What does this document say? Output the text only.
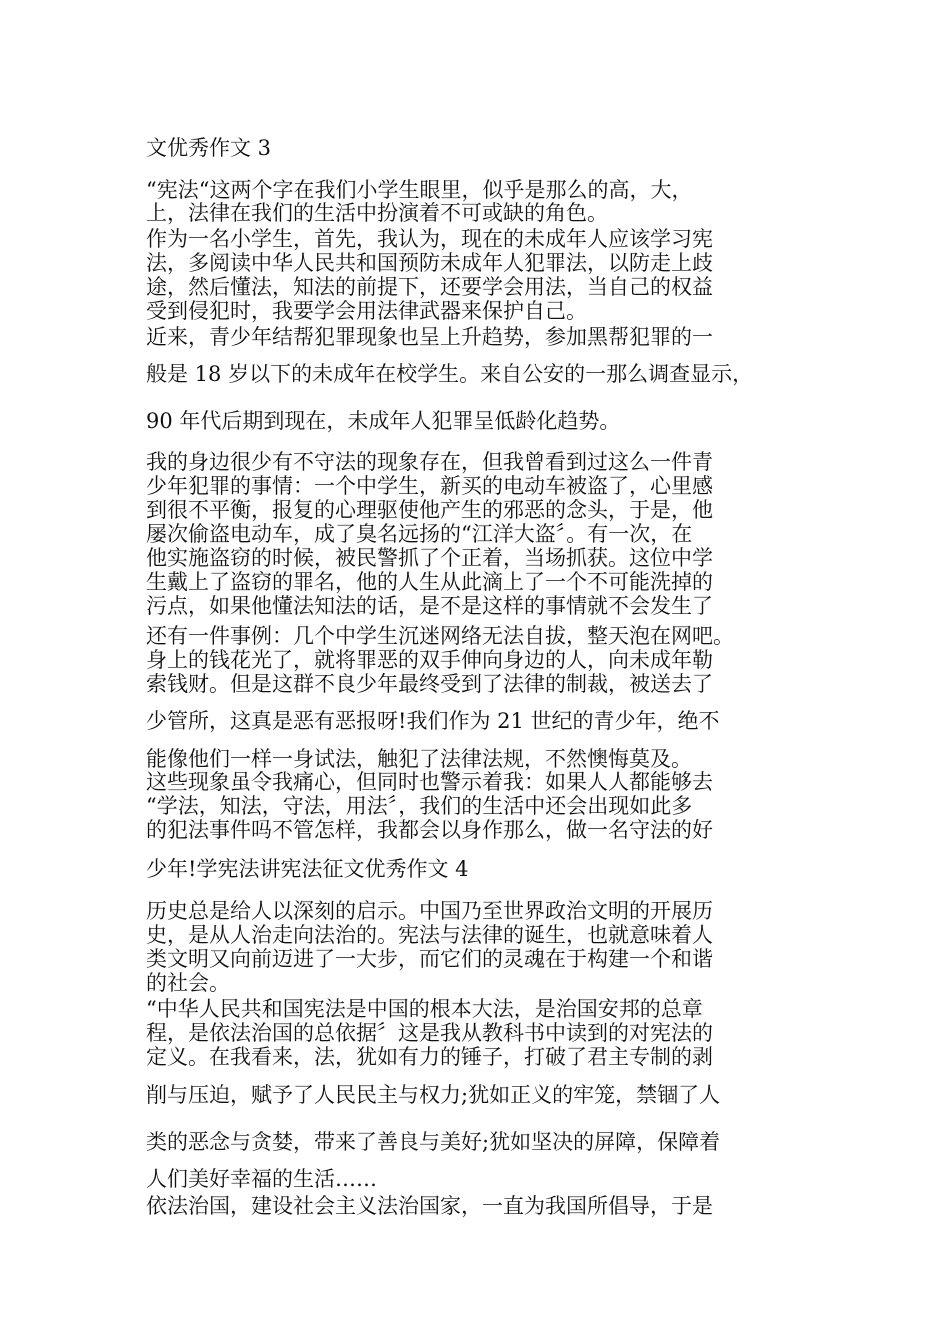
文优秀作文 3

“宪法“这两个字在我们小学生眼里，似乎是那么的高，大，

上，法律在我们的生活中扮演着不可或缺的角色。

作为一名小学生，首先，我认为，现在的未成年人应该学习宪

法，多阅读中华人民共和国预防未成年人犯罪法，以防走上歧

途，然后懂法，知法的前提下，还要学会用法，当自己的权益

受到侵犯时，我要学会用法律武器来保护自己。

近来，青少年结帮犯罪现象也呈上升趋势，参加黑帮犯罪的一

般是 18 岁以下的未成年在校学生。来自公安的一那么调查显示，

90 年代后期到现在，未成年人犯罪呈低龄化趋势。

我的身边很少有不守法的现象存在，但我曾看到过这么一件青

少年犯罪的事情：一个中学生，新买的电动车被盗了，心里感

到很不平衡，报复的心理驱使他产生的邪恶的念头，于是，他

屡次偷盗电动车，成了臭名远扬的“江洋大盗〞。有一次，在

他实施盗窃的时候，被民警抓了个正着，当场抓获。这位中学

生戴上了盗窃的罪名，他的人生从此滴上了一个不可能洗掉的

污点，如果他懂法知法的话，是不是这样的事情就不会发生了

还有一件事例：几个中学生沉迷网络无法自拔，整天泡在网吧。

身上的钱花光了，就将罪恶的双手伸向身边的人，向未成年勒

索钱财。但是这群不良少年最终受到了法律的制裁，被送去了

少管所，这真是恶有恶报呀!我们作为 21 世纪的青少年，绝不

能像他们一样一身试法，触犯了法律法规，不然懊悔莫及。

这些现象虽令我痛心，但同时也警示着我：如果人人都能够去

“学法，知法，守法，用法〞，我们的生活中还会出现如此多

的犯法事件吗不管怎样，我都会以身作那么，做一名守法的好

少年!学宪法讲宪法征文优秀作文 4

历史总是给人以深刻的启示。中国乃至世界政治文明的开展历

史，是从人治走向法治的。宪法与法律的诞生，也就意味着人

类文明又向前迈进了一大步，而它们的灵魂在于构建一个和谐

的社会。

“中华人民共和国宪法是中国的根本大法，是治国安邦的总章

程，是依法治国的总依据〞这是我从教科书中读到的对宪法的

定义。在我看来，法，犹如有力的锤子，打破了君主专制的剥

削与压迫，赋予了人民民主与权力;犹如正义的牢笼，禁锢了人

类的恶念与贪婪，带来了善良与美好;犹如坚决的屏障，保障着

人们美好幸福的生活……

依法治国，建设社会主义法治国家，一直为我国所倡导，于是
